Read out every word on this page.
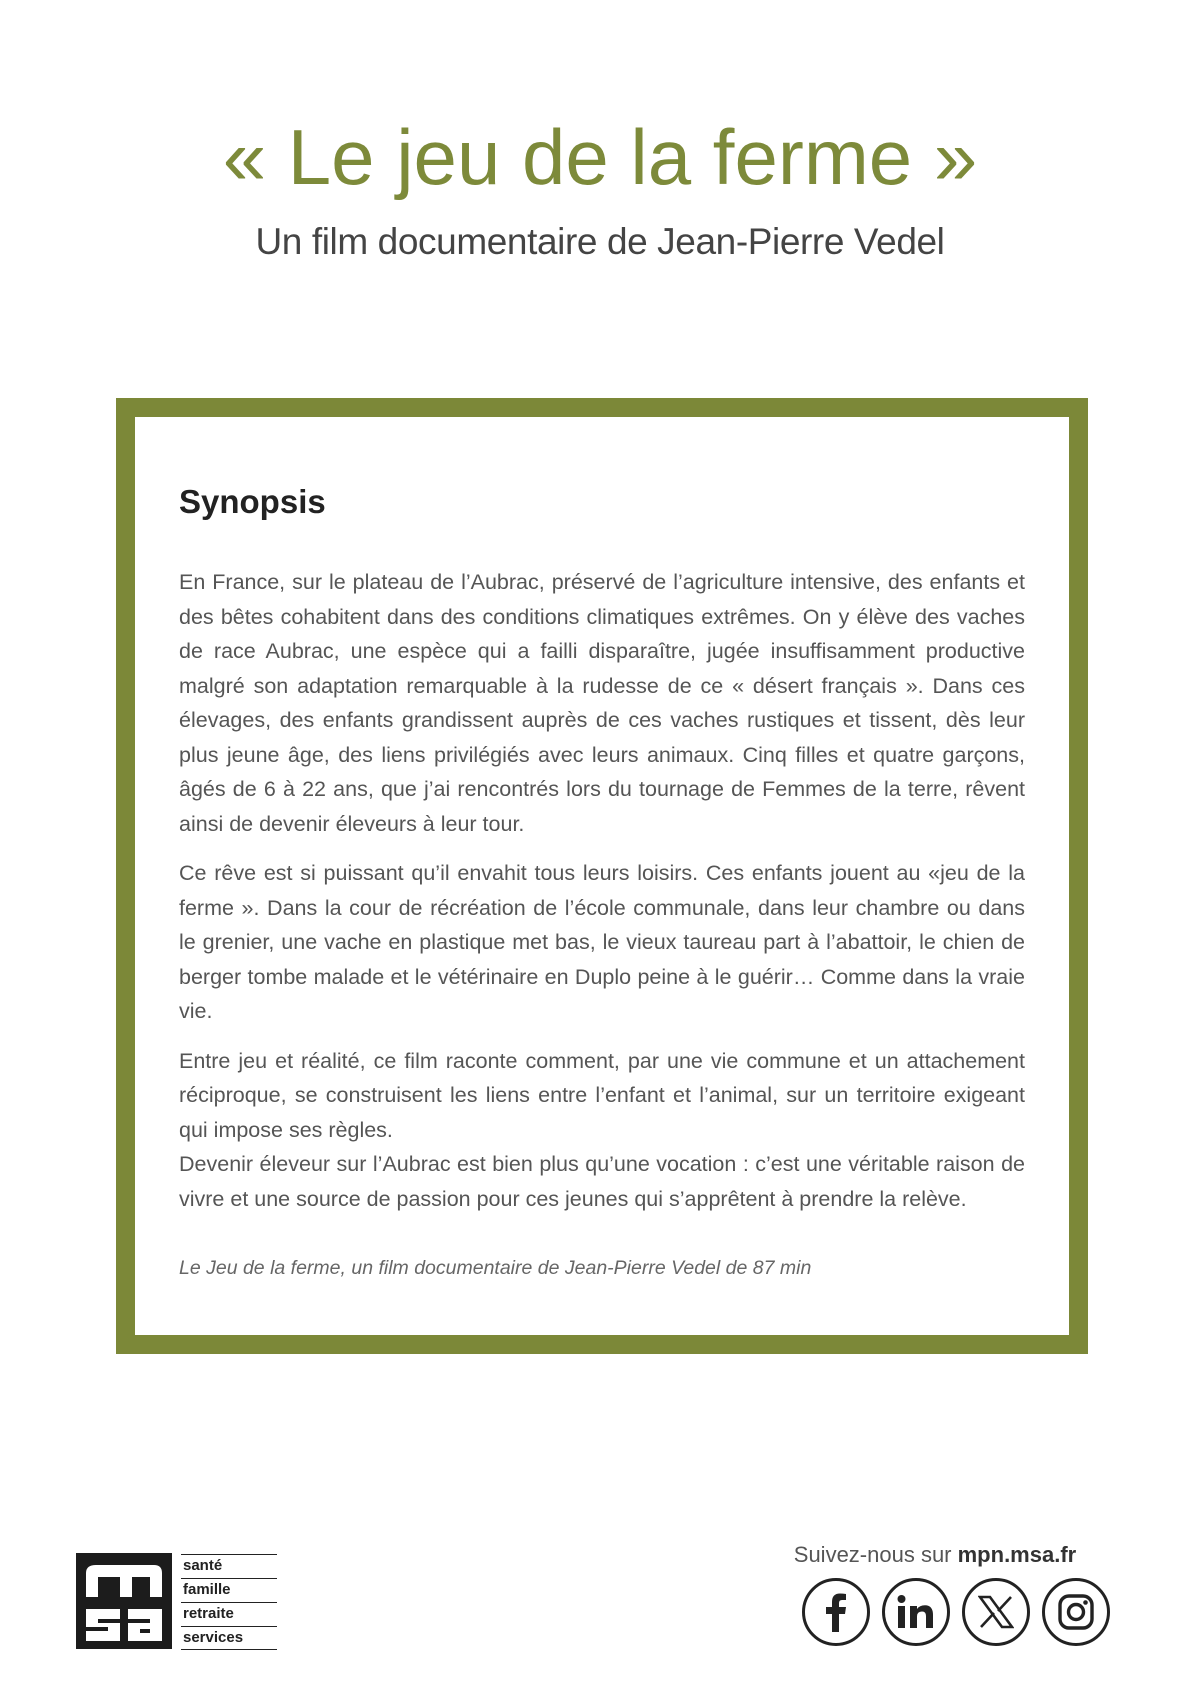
« Le jeu de la ferme »
Un film documentaire de Jean-Pierre Vedel
Synopsis

En France, sur le plateau de l’Aubrac, préservé de l’agriculture intensive, des enfants et des bêtes cohabitent dans des conditions climatiques extrêmes. On y élève des vaches de race Aubrac, une espèce qui a failli disparaître, jugée insuffisamment productive malgré son adaptation remarquable à la rudesse de ce « désert français ». Dans ces élevages, des enfants grandissent auprès de ces vaches rustiques et tissent, dès leur plus jeune âge, des liens privilégiés avec leurs animaux. Cinq filles et quatre garçons, âgés de 6 à 22 ans, que j’ai rencontrés lors du tournage de Femmes de la terre, rêvent ainsi de devenir éleveurs à leur tour.

Ce rêve est si puissant qu’il envahit tous leurs loisirs. Ces enfants jouent au «jeu de la ferme ». Dans la cour de récréation de l’école communale, dans leur chambre ou dans le grenier, une vache en plastique met bas, le vieux taureau part à l’abattoir, le chien de berger tombe malade et le vétérinaire en Duplo peine à le guérir… Comme dans la vraie vie.

Entre jeu et réalité, ce film raconte comment, par une vie commune et un attachement réciproque, se construisent les liens entre l’enfant et l’animal, sur un territoire exigeant qui impose ses règles.

Devenir éleveur sur l’Aubrac est bien plus qu’une vocation : c’est une véritable raison de vivre et une source de passion pour ces jeunes qui s’apprêtent à prendre la relève.

Le Jeu de la ferme, un film documentaire de Jean-Pierre Vedel de 87 min

santé
famille
retraite
services

Suivez-nous sur mpn.msa.fr
